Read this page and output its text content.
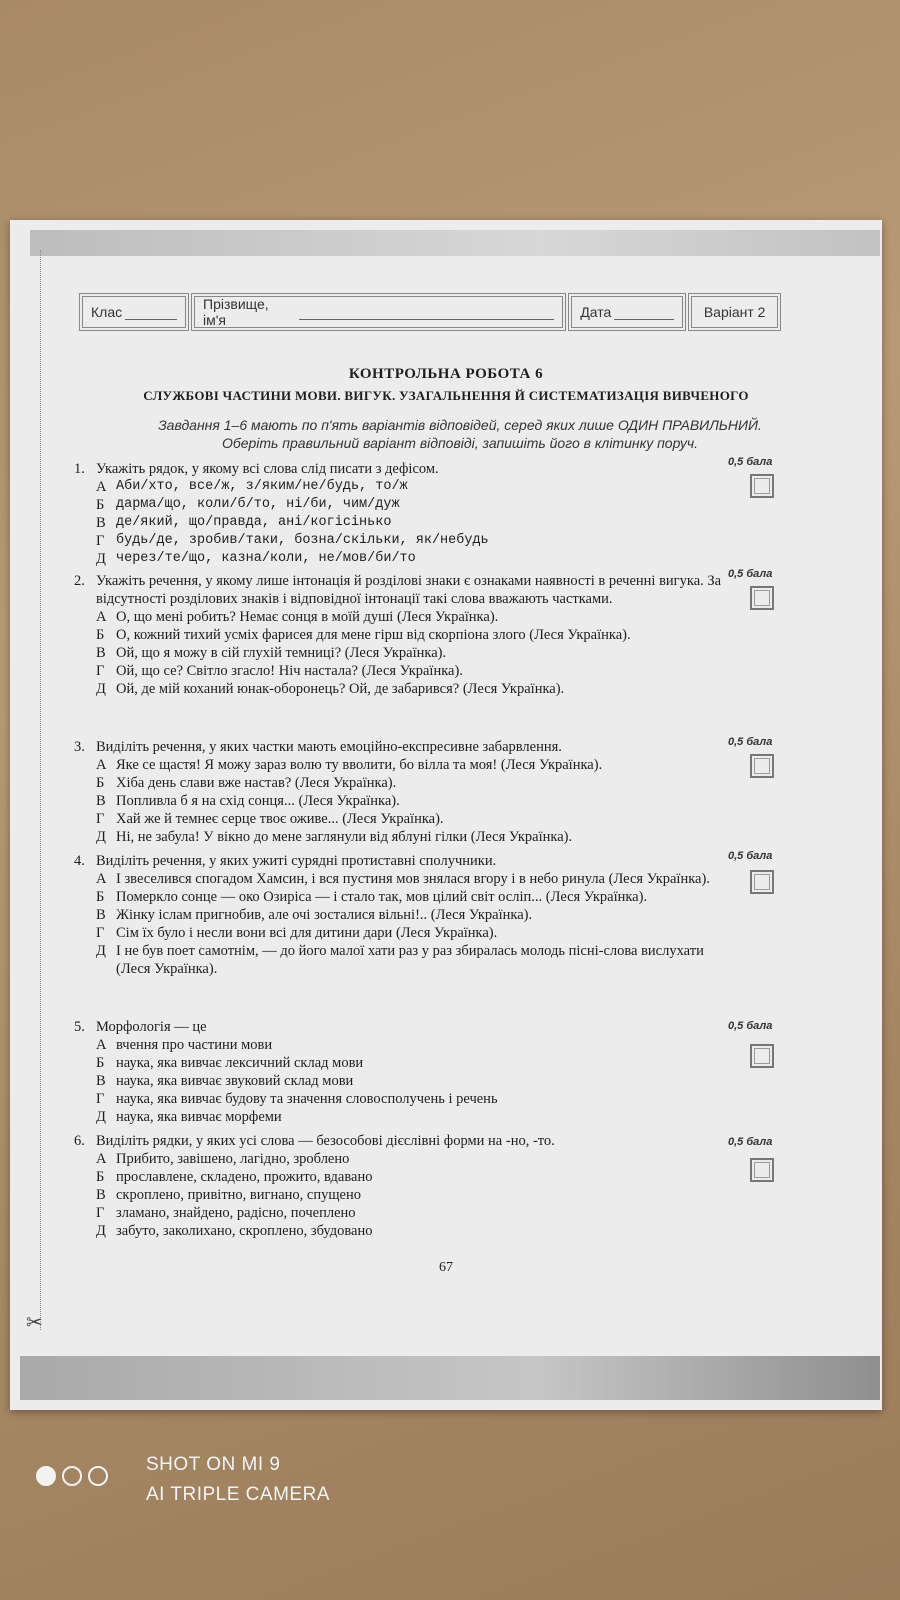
✂
Клас	Прізвище, ім'я	Дата	Варіант 2
КОНТРОЛЬНА РОБОТА 6
СЛУЖБОВІ ЧАСТИНИ МОВИ. ВИГУК. УЗАГАЛЬНЕННЯ Й СИСТЕМАТИЗАЦІЯ ВИВЧЕНОГО
Завдання 1–6 мають по п'ять варіантів відповідей, серед яких лише ОДИН ПРАВИЛЬНИЙ.
Оберіть правильний варіант відповіді, запишіть його в клітинку поруч.
1. Укажіть рядок, у якому всі слова слід писати з дефісом.
А Аби/хто, все/ж, з/яким/не/будь, то/ж
Б дарма/що, коли/б/то, ні/би, чим/дуж
В де/який, що/правда, ані/когісінько
Г будь/де, зробив/таки, бозна/скільки, як/небудь
Д через/те/що, казна/коли, не/мов/би/то
0,5 бала
2. Укажіть речення, у якому лише інтонація й розділові знаки є ознаками наявності в реченні вигука. За відсутності розділових знаків і відповідної інтонації такі слова вважають частками.
А О, що мені робить? Немає сонця в моїй душі (Леся Українка).
Б О, кожний тихий усміх фарисея для мене гірш від скорпіона злого (Леся Українка).
В Ой, що я можу в сій глухій темниці? (Леся Українка).
Г Ой, що се? Світло згасло! Ніч настала? (Леся Українка).
Д Ой, де мій коханий юнак-оборонець? Ой, де забарився? (Леся Українка).
0,5 бала
3. Виділіть речення, у яких частки мають емоційно-експресивне забарвлення.
А Яке се щастя! Я можу зараз волю ту вволити, бо вілла та моя! (Леся Українка).
Б Хіба день слави вже настав? (Леся Українка).
В Попливла б я на схід сонця... (Леся Українка).
Г Хай же й темнеє серце твоє оживе... (Леся Українка).
Д Ні, не забула! У вікно до мене заглянули від яблуні гілки (Леся Українка).
0,5 бала
4. Виділіть речення, у яких ужиті сурядні протиставні сполучники.
А І звеселився спогадом Хамсин, і вся пустиня мов знялася вгору і в небо ринула (Леся Українка).
Б Померкло сонце — око Озиріса — і стало так, мов цілий світ осліп... (Леся Українка).
В Жінку іслам пригнобив, але очі зосталися вільні!.. (Леся Українка).
Г Сім їх було і несли вони всі для дитини дари (Леся Українка).
Д І не був поет самотнім, — до його малої хати раз у раз збиралась молодь пісні-слова вислухати (Леся Українка).
0,5 бала
5. Морфологія — це
А вчення про частини мови
Б наука, яка вивчає лексичний склад мови
В наука, яка вивчає звуковий склад мови
Г наука, яка вивчає будову та значення словосполучень і речень
Д наука, яка вивчає морфеми
0,5 бала
6. Виділіть рядки, у яких усі слова — безособові дієслівні форми на -но, -то.
А Прибито, завішено, лагідно, зроблено
Б прославлене, складено, прожито, вдавано
В скроплено, привітно, вигнано, спущено
Г зламано, знайдено, радісно, почеплено
Д забуто, заколихано, скроплено, збудовано
0,5 бала
67
SHOT ON MI 9
AI TRIPLE CAMERA
